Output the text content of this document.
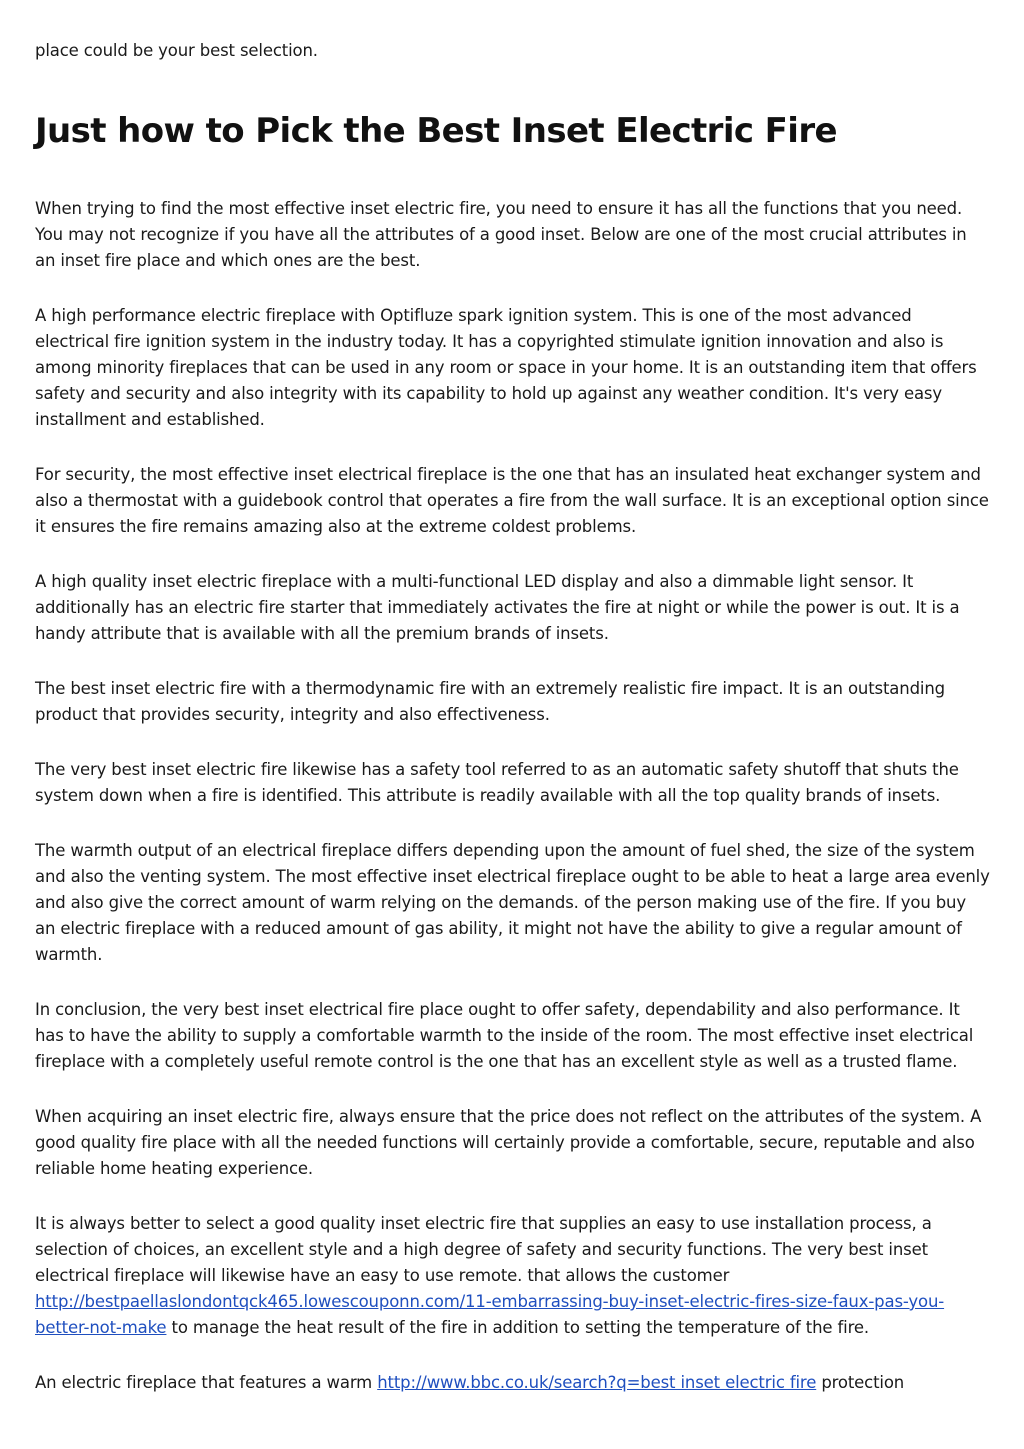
place could be your best selection.

Just how to Pick the Best Inset Electric Fire

When trying to find the most effective inset electric fire, you need to ensure it has all the functions that you need. You may not recognize if you have all the attributes of a good inset. Below are one of the most crucial attributes in an inset fire place and which ones are the best.

A high performance electric fireplace with Optifluze spark ignition system. This is one of the most advanced electrical fire ignition system in the industry today. It has a copyrighted stimulate ignition innovation and also is among minority fireplaces that can be used in any room or space in your home. It is an outstanding item that offers safety and security and also integrity with its capability to hold up against any weather condition. It's very easy installment and established.

For security, the most effective inset electrical fireplace is the one that has an insulated heat exchanger system and also a thermostat with a guidebook control that operates a fire from the wall surface. It is an exceptional option since it ensures the fire remains amazing also at the extreme coldest problems.

A high quality inset electric fireplace with a multi-functional LED display and also a dimmable light sensor. It additionally has an electric fire starter that immediately activates the fire at night or while the power is out. It is a handy attribute that is available with all the premium brands of insets.

The best inset electric fire with a thermodynamic fire with an extremely realistic fire impact. It is an outstanding product that provides security, integrity and also effectiveness.

The very best inset electric fire likewise has a safety tool referred to as an automatic safety shutoff that shuts the system down when a fire is identified. This attribute is readily available with all the top quality brands of insets.

The warmth output of an electrical fireplace differs depending upon the amount of fuel shed, the size of the system and also the venting system. The most effective inset electrical fireplace ought to be able to heat a large area evenly and also give the correct amount of warm relying on the demands. of the person making use of the fire. If you buy an electric fireplace with a reduced amount of gas ability, it might not have the ability to give a regular amount of warmth.

In conclusion, the very best inset electrical fire place ought to offer safety, dependability and also performance. It has to have the ability to supply a comfortable warmth to the inside of the room. The most effective inset electrical fireplace with a completely useful remote control is the one that has an excellent style as well as a trusted flame.

When acquiring an inset electric fire, always ensure that the price does not reflect on the attributes of the system. A good quality fire place with all the needed functions will certainly provide a comfortable, secure, reputable and also reliable home heating experience.

It is always better to select a good quality inset electric fire that supplies an easy to use installation process, a selection of choices, an excellent style and a high degree of safety and security functions. The very best inset electrical fireplace will likewise have an easy to use remote. that allows the customer http://bestpaellaslondontqck465.lowescouponn.com/11-embarrassing-buy-inset-electric-fires-size-faux-pas-you-better-not-make to manage the heat result of the fire in addition to setting the temperature of the fire.

An electric fireplace that features a warm http://www.bbc.co.uk/search?q=best inset electric fire protection
